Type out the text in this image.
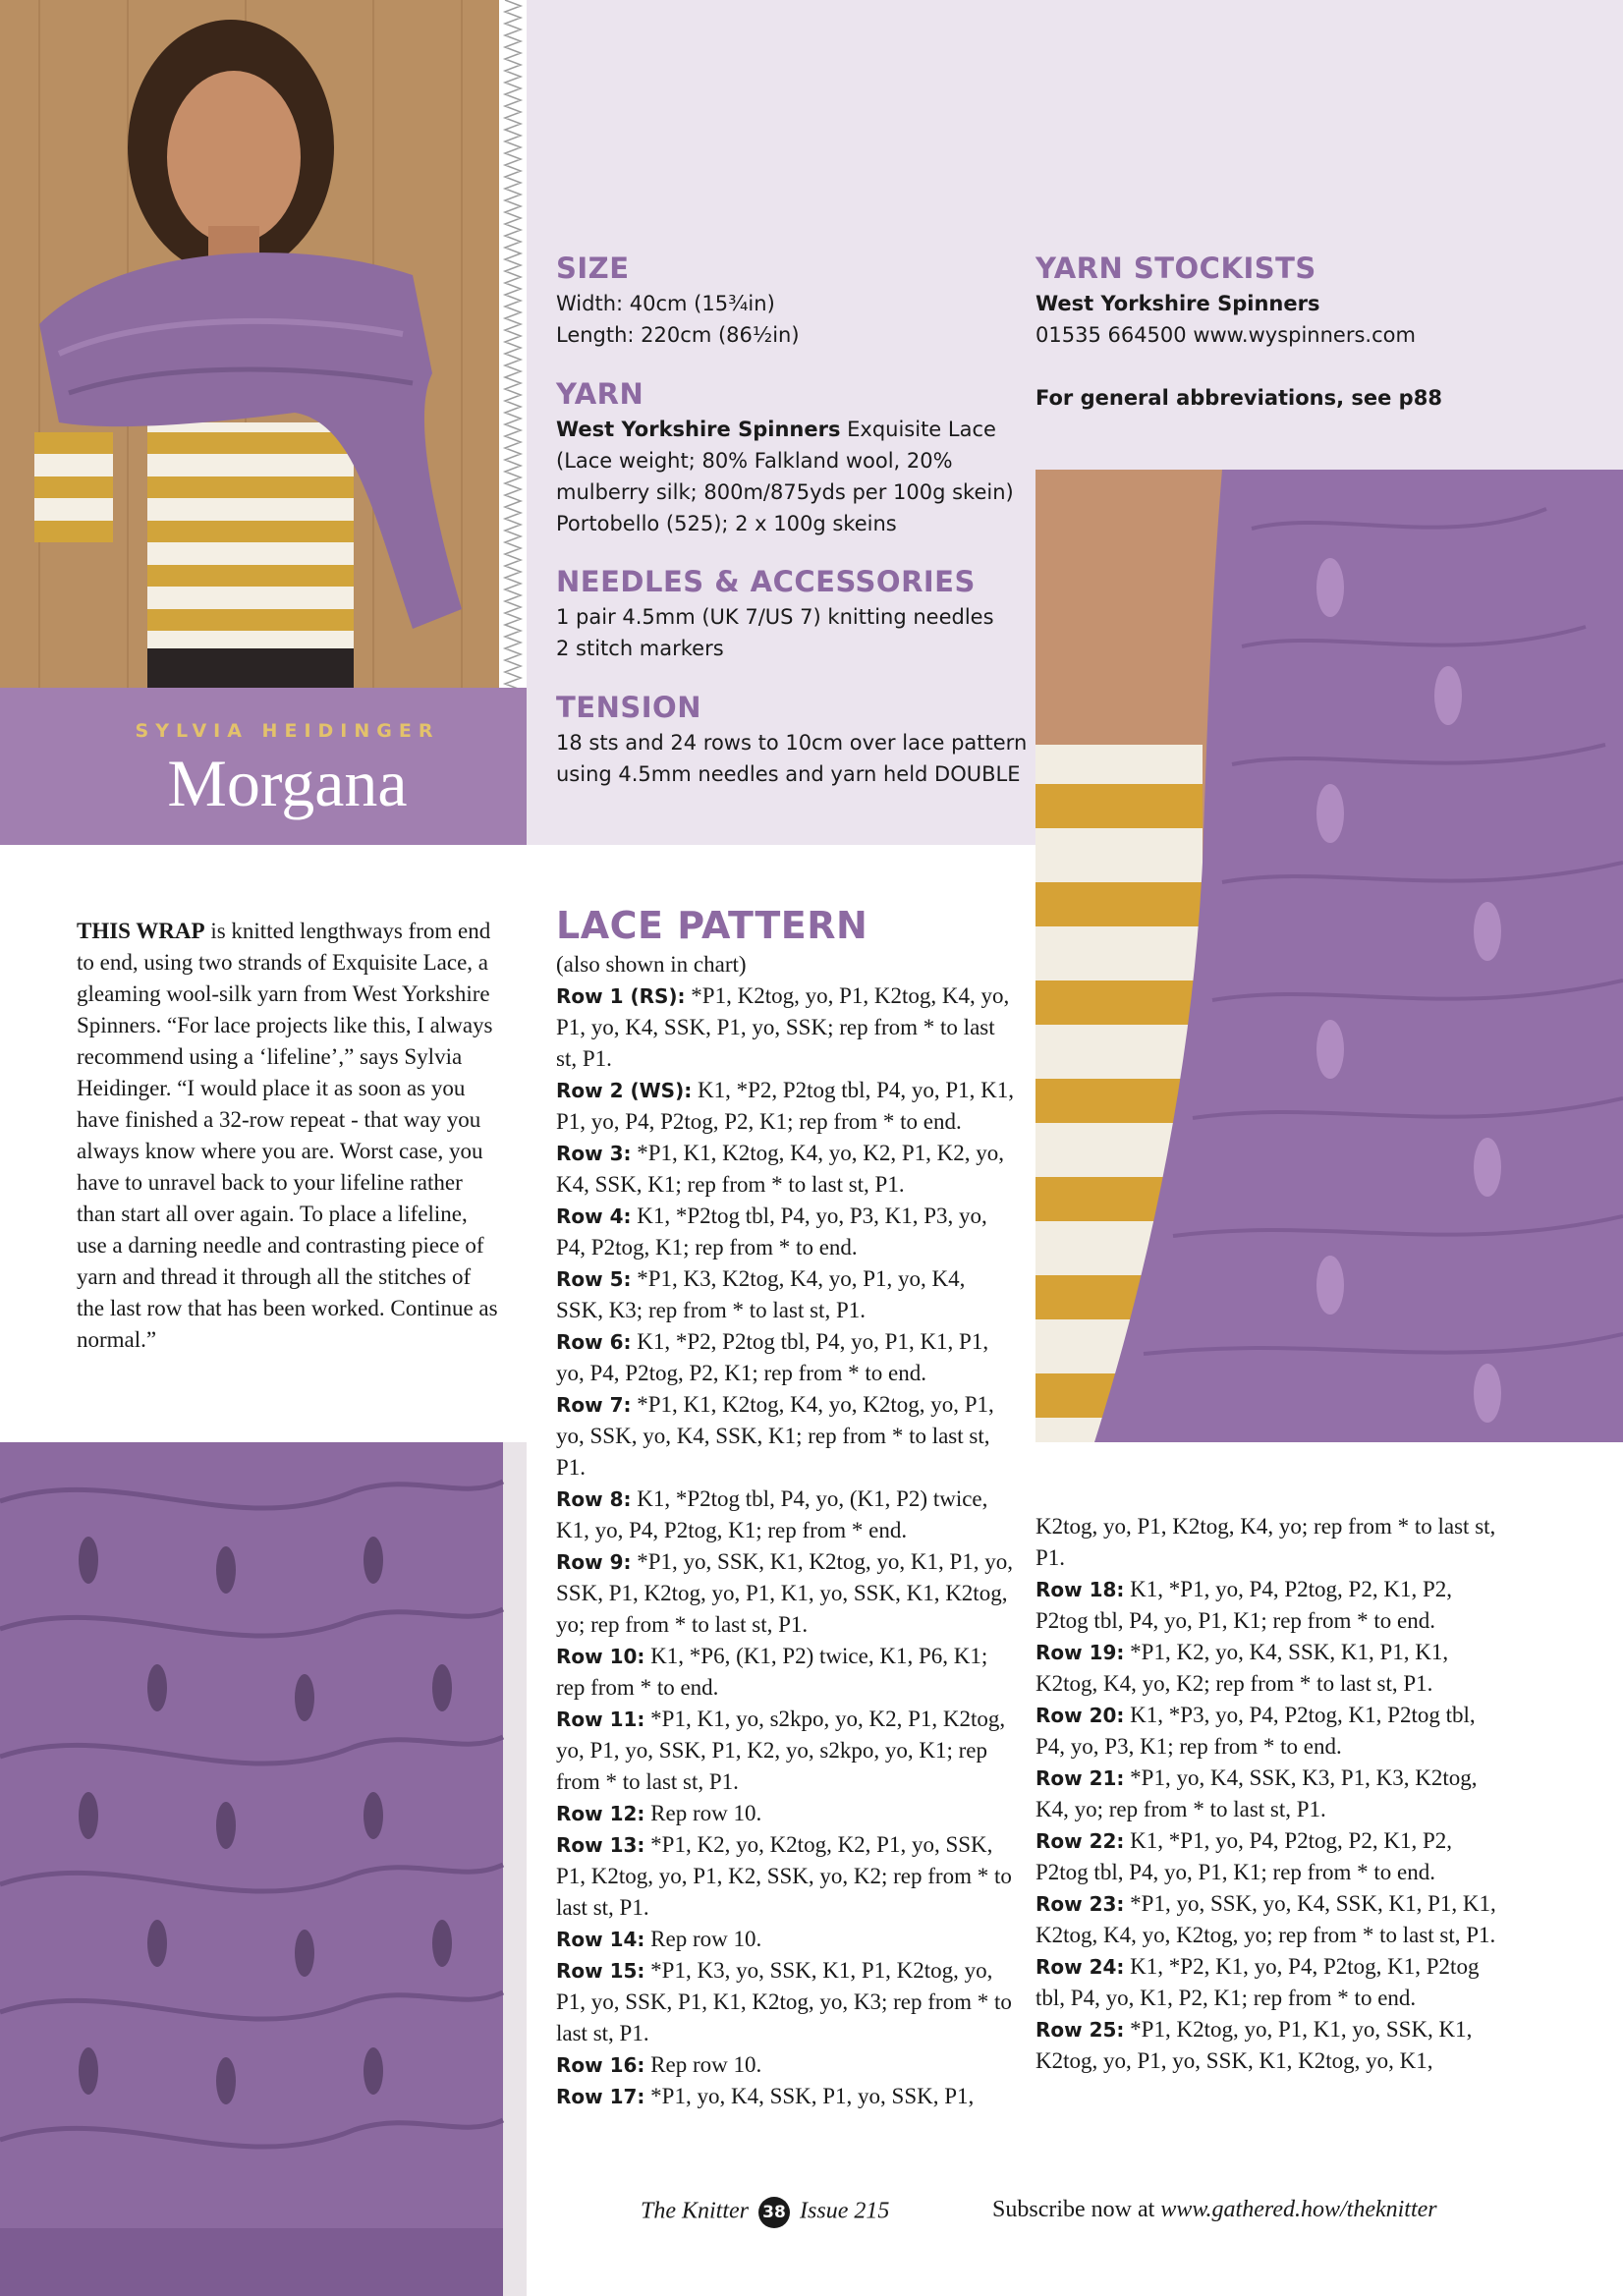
SYLVIA HEIDINGER
Morgana
SIZE
Width: 40cm (15¾in)
Length: 220cm (86½in)
YARN
West Yorkshire Spinners Exquisite Lace
(Lace weight; 80% Falkland wool, 20%
mulberry silk; 800m/875yds per 100g skein)
Portobello (525); 2 x 100g skeins
NEEDLES & ACCESSORIES
1 pair 4.5mm (UK 7/US 7) knitting needles
2 stitch markers
TENSION
18 sts and 24 rows to 10cm over lace pattern
using 4.5mm needles and yarn held DOUBLE
YARN STOCKISTS
West Yorkshire Spinners
01535 664500 www.wyspinners.com
For general abbreviations, see p88
THIS WRAP is knitted lengthways from end to end, using two strands of Exquisite Lace, a gleaming wool-silk yarn from West Yorkshire Spinners. “For lace projects like this, I always recommend using a ‘lifeline’,” says Sylvia Heidinger. “I would place it as soon as you have finished a 32-row repeat - that way you always know where you are. Worst case, you have to unravel back to your lifeline rather than start all over again. To place a lifeline, use a darning needle and contrasting piece of yarn and thread it through all the stitches of the last row that has been worked. Continue as normal.”
LACE PATTERN
(also shown in chart)
Row 1 (RS): *P1, K2tog, yo, P1, K2tog, K4, yo, P1, yo, K4, SSK, P1, yo, SSK; rep from * to last st, P1.
Row 2 (WS): K1, *P2, P2tog tbl, P4, yo, P1, K1, P1, yo, P4, P2tog, P2, K1; rep from * to end.
Row 3: *P1, K1, K2tog, K4, yo, K2, P1, K2, yo, K4, SSK, K1; rep from * to last st, P1.
Row 4: K1, *P2tog tbl, P4, yo, P3, K1, P3, yo, P4, P2tog, K1; rep from * to end.
Row 5: *P1, K3, K2tog, K4, yo, P1, yo, K4, SSK, K3; rep from * to last st, P1.
Row 6: K1, *P2, P2tog tbl, P4, yo, P1, K1, P1, yo, P4, P2tog, P2, K1; rep from * to end.
Row 7: *P1, K1, K2tog, K4, yo, K2tog, yo, P1, yo, SSK, yo, K4, SSK, K1; rep from * to last st, P1.
Row 8: K1, *P2tog tbl, P4, yo, (K1, P2) twice, K1, yo, P4, P2tog, K1; rep from * end.
Row 9: *P1, yo, SSK, K1, K2tog, yo, K1, P1, yo, SSK, P1, K2tog, yo, P1, K1, yo, SSK, K1, K2tog, yo; rep from * to last st, P1.
Row 10: K1, *P6, (K1, P2) twice, K1, P6, K1; rep from * to end.
Row 11: *P1, K1, yo, s2kpo, yo, K2, P1, K2tog, yo, P1, yo, SSK, P1, K2, yo, s2kpo, yo, K1; rep from * to last st, P1.
Row 12: Rep row 10.
Row 13: *P1, K2, yo, K2tog, K2, P1, yo, SSK, P1, K2tog, yo, P1, K2, SSK, yo, K2; rep from * to last st, P1.
Row 14: Rep row 10.
Row 15: *P1, K3, yo, SSK, K1, P1, K2tog, yo, P1, yo, SSK, P1, K1, K2tog, yo, K3; rep from * to last st, P1.
Row 16: Rep row 10.
Row 17: *P1, yo, K4, SSK, P1, yo, SSK, P1,
K2tog, yo, P1, K2tog, K4, yo; rep from * to last st, P1.
Row 18: K1, *P1, yo, P4, P2tog, P2, K1, P2, P2tog tbl, P4, yo, P1, K1; rep from * to end.
Row 19: *P1, K2, yo, K4, SSK, K1, P1, K1, K2tog, K4, yo, K2; rep from * to last st, P1.
Row 20: K1, *P3, yo, P4, P2tog, K1, P2tog tbl, P4, yo, P3, K1; rep from * to end.
Row 21: *P1, yo, K4, SSK, K3, P1, K3, K2tog, K4, yo; rep from * to last st, P1.
Row 22: K1, *P1, yo, P4, P2tog, P2, K1, P2, P2tog tbl, P4, yo, P1, K1; rep from * to end.
Row 23: *P1, yo, SSK, yo, K4, SSK, K1, P1, K1, K2tog, K4, yo, K2tog, yo; rep from * to last st, P1.
Row 24: K1, *P2, K1, yo, P4, P2tog, K1, P2tog tbl, P4, yo, K1, P2, K1; rep from * to end.
Row 25: *P1, K2tog, yo, P1, K1, yo, SSK, K1, K2tog, yo, P1, yo, SSK, K1, K2tog, yo, K1,
The Knitter 38 Issue 215	Subscribe now at www.gathered.how/theknitter
